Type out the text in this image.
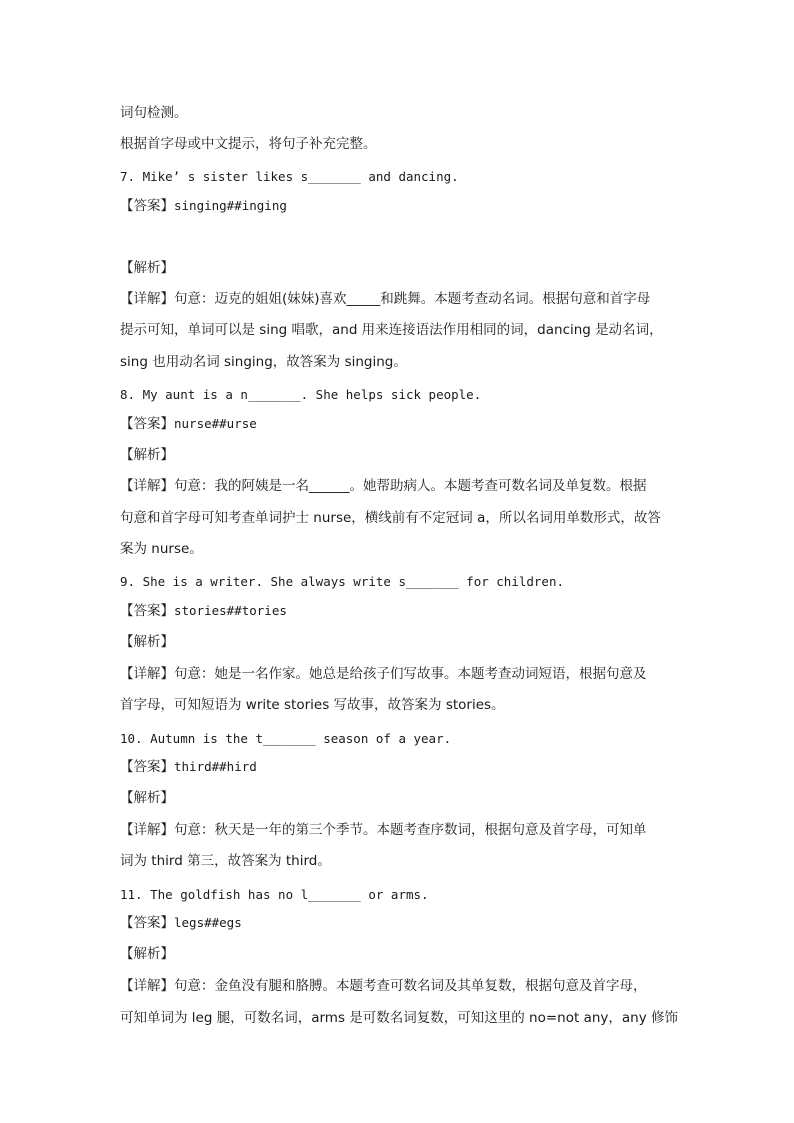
词句检测。
根据首字母或中文提示，将句子补充完整。
7. Mike’ s sister likes s_______ and dancing.
【答案】singing##inging
【解析】
【详解】句意：迈克的姐姐(妹妹)喜欢_____和跳舞。本题考查动名词。根据句意和首字母
提示可知，单词可以是 sing 唱歌，and 用来连接语法作用相同的词，dancing 是动名词，
sing 也用动名词 singing，故答案为 singing。
8. My aunt is a n_______. She helps sick people.
【答案】nurse##urse
【解析】
【详解】句意：我的阿姨是一名______。她帮助病人。本题考查可数名词及单复数。根据
句意和首字母可知考查单词护士 nurse，横线前有不定冠词 a，所以名词用单数形式，故答
案为 nurse。
9. She is a writer. She always write s_______ for children.
【答案】stories##tories
【解析】
【详解】句意：她是一名作家。她总是给孩子们写故事。本题考查动词短语，根据句意及
首字母，可知短语为 write stories 写故事，故答案为 stories。
10. Autumn is the t_______ season of a year.
【答案】third##hird
【解析】
【详解】句意：秋天是一年的第三个季节。本题考查序数词，根据句意及首字母，可知单
词为 third 第三，故答案为 third。
11. The goldfish has no l_______ or arms.
【答案】legs##egs
【解析】
【详解】句意：金鱼没有腿和胳膊。本题考查可数名词及其单复数，根据句意及首字母，
可知单词为 leg 腿，可数名词，arms 是可数名词复数，可知这里的 no=not any，any 修饰
